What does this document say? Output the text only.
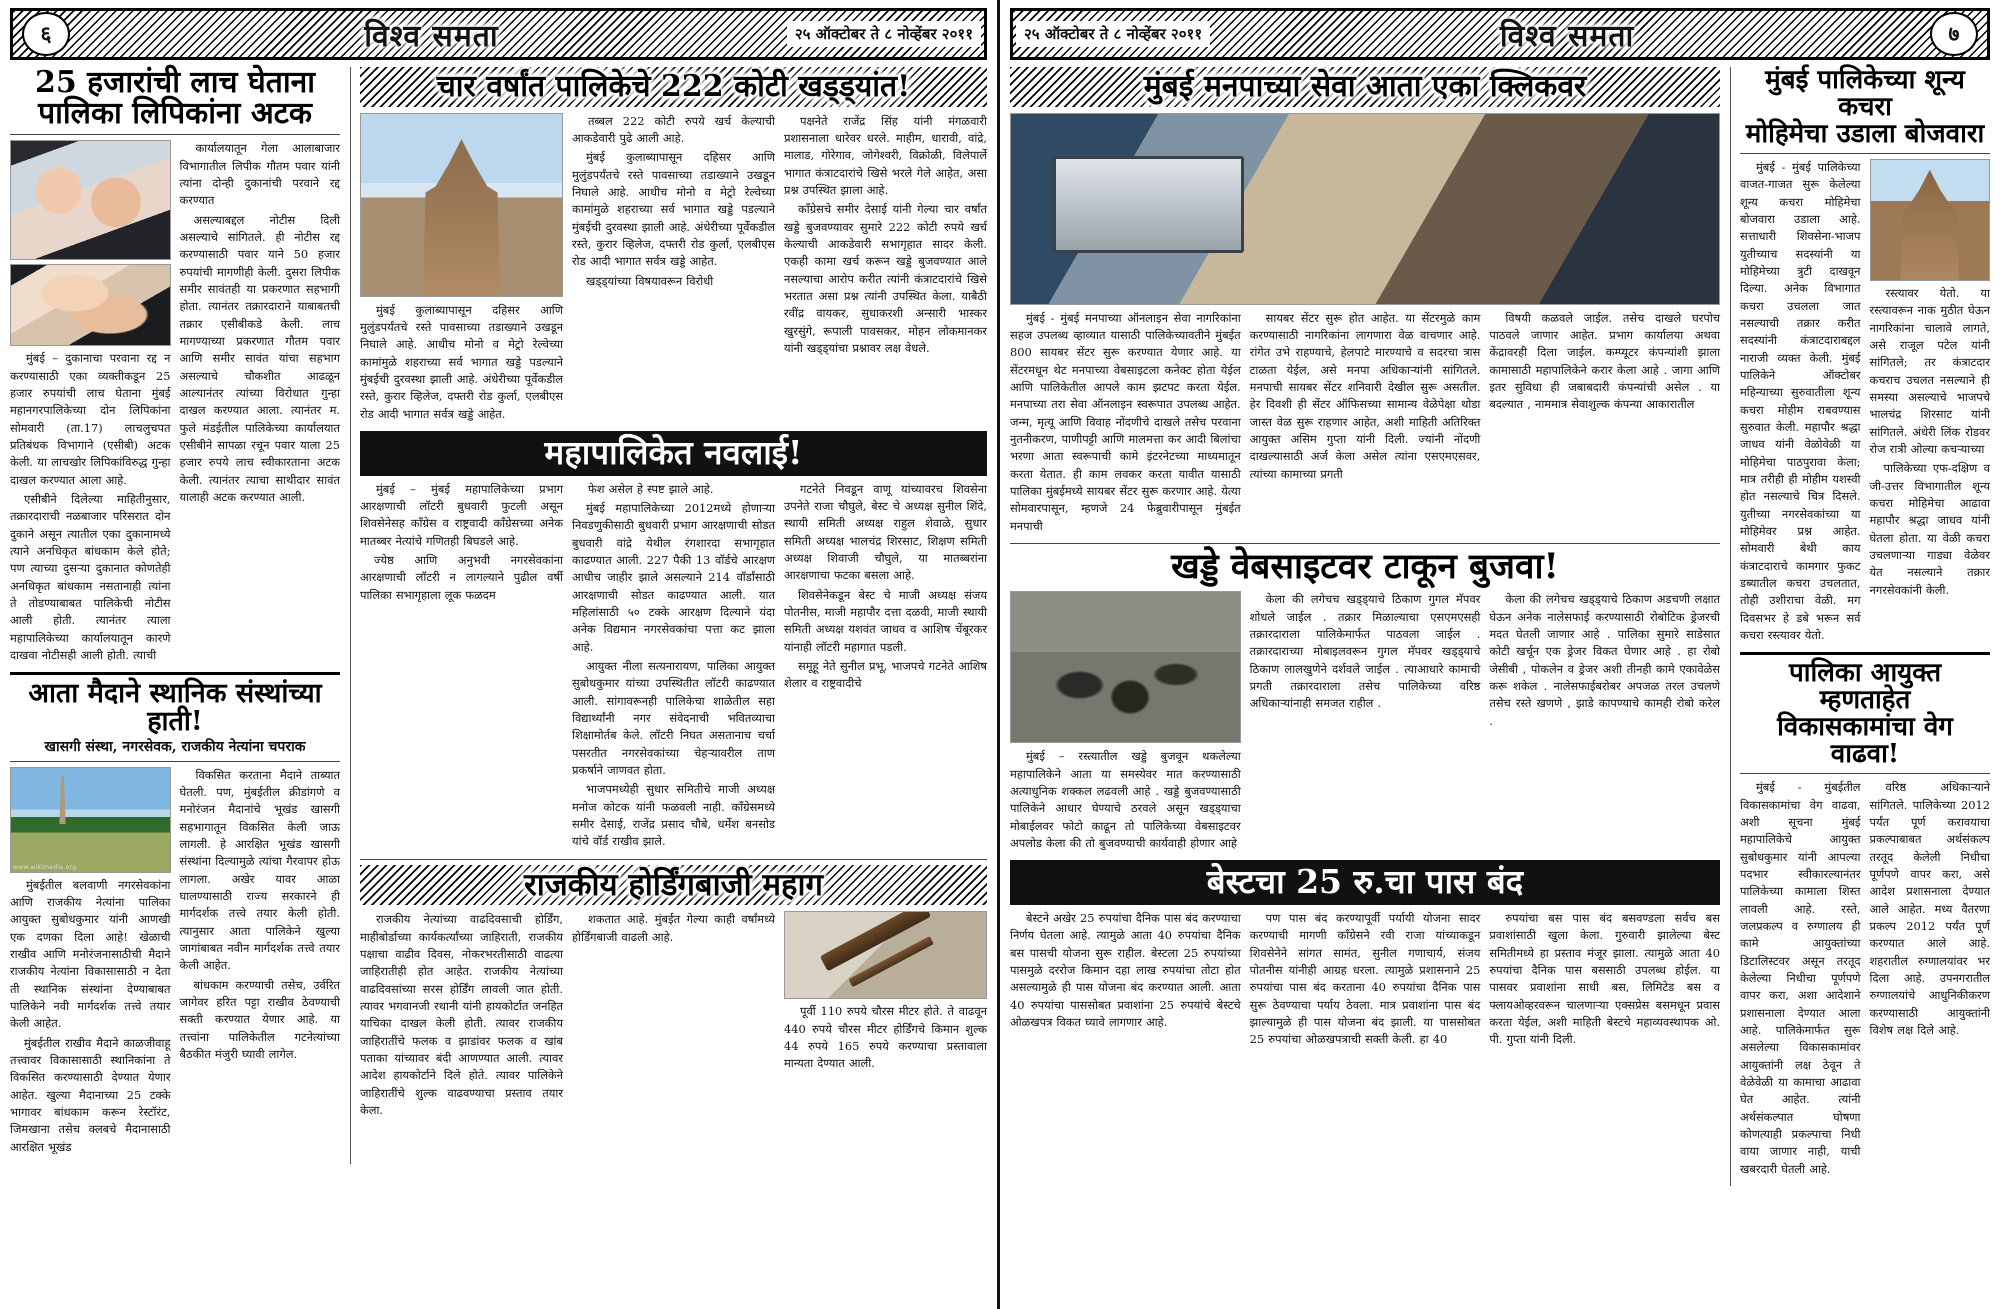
६	विश्व समता	२५ ऑक्टोबर ते ८ नोव्हेंबर २०११
25 हजारांची लाच घेताना
पालिका लिपिकांना अटक

मुंबई – दुकानाचा परवाना रद्द न करण्यासाठी एका व्यक्तीकडून 25 हजार रुपयांची लाच घेताना मुंबई महानगरपालिकेच्या दोन लिपिकांना सोमवारी (ता.17) लाचलुचपत प्रतिबंधक विभागाने (एसीबी) अटक केली. या लाचखोर लिपिकांविरुद्ध गुन्हा दाखल करण्यात आला आहे.

एसीबीने दिलेल्या माहितीनुसार, तक्रारदाराची नळबाजार परिसरात दोन दुकाने असून त्यातील एका दुकानामध्ये त्याने अनधिकृत बांधकाम केले होते; पण त्याच्या दुसऱ्या दुकानात कोणतेही अनधिकृत बांधकाम नसतानाही त्यांना ते तोडण्याबाबत पालिकेची नोटीस आली होती. त्यानंतर त्याला महापालिकेच्या कार्यालयातून कारणे दाखवा नोटीसही आली होती. त्याची

कार्यालयातून गेला आलाबाजार विभागातील लिपीक गौतम पवार यांनी त्यांना दोन्ही दुकानांची परवाने रद्द करण्यात

असल्याबद्दल नोटीस दिली असल्याचे सांगितले. ही नोटीस रद्द करण्यासाठी पवार याने 50 हजार रुपयांची मागणीही केली. दुसरा लिपीक समीर सावंतही या प्रकरणात सहभागी होता. त्यानंतर तक्रारदाराने याबाबतची तक्रार एसीबीकडे केली. लाच मागण्याच्या प्रकरणात गौतम पवार आणि समीर सावंत यांचा सहभाग असल्याचे चौकशीत आढळून आल्यानंतर त्यांच्या विरोधात गुन्हा दाखल करण्यात आला. त्यानंतर म. फुले मंडईतील पालिकेच्या कार्यालयात एसीबीने सापळा रचून पवार याला 25 हजार रुपये लाच स्वीकारताना अटक केली. त्यानंतर त्याचा साथीदार सावंत यालाही अटक करण्यात आली.

आता मैदाने स्थानिक संस्थांच्या हाती!
खासगी संस्था, नगरसेवक, राजकीय नेत्यांना चपराक
www.wikimedia.org

मुंबईतील बलवाणी नगरसेवकांना आणि राजकीय नेत्यांना पालिका आयुक्त सुबोधकुमार यांनी आणखी एक दणका दिला आहे! खेळाची राखीव आणि मनोरंजनासाठीची मैदाने राजकीय नेत्यांना विकासासाठी न देता ती स्थानिक संस्थांना देण्याबाबत पालिकेने नवी मार्गदर्शक तत्त्वे तयार केली आहेत.

मुंबईतील राखीव मैदाने काळजीवाहू तत्त्वावर विकासासाठी स्थानिकांना ते विकसित करण्यासाठी देण्यात येणार आहेत. खुल्या मैदानाच्या 25 टक्के भागावर बांधकाम करून रेस्टॉरंट, जिमखाना तसेच क्लबचे मैदानासाठी आरक्षित भूखंड

विकसित करताना मैदाने ताब्यात घेतली. पण, मुंबईतील क्रीडांगणे व मनोरंजन मैदानांचे भूखंड खासगी सहभागातून विकसित केली जाऊ लागली. हे आरक्षित भूखंड खासगी संस्थांना दिल्यामुळे त्यांचा गैरवापर होऊ लागला. अखेर यावर आळा घालण्यासाठी राज्य सरकारने ही मार्गदर्शक तत्त्वे तयार केली होती. त्यानुसार आता पालिकेने खुल्या जागांबाबत नवीन मार्गदर्शक तत्त्वे तयार केली आहेत.

बांधकाम करण्याची तसेच, उर्वरित जागेवर हरित पट्टा राखीव ठेवण्याची सक्ती करण्यात येणार आहे. या तत्त्वांना पालिकेतील गटनेत्यांच्या बैठकीत मंजुरी घ्यावी लागेल.

चार वर्षांत पालिकेचे 222 कोटी खड्ड्यांत!

मुंबई कुलाब्यापासून दहिसर आणि मुलुंडपर्यंतचे रस्ते पावसाच्या तडाख्याने उखडून निघाले आहे. आधीच मोनो व मेट्रो रेल्वेच्या कामांमुळे शहराच्या सर्व भागात खड्डे पडल्याने मुंबईची दुरवस्था झाली आहे. अंधेरीच्या पूर्वेकडील रस्ते, कुरार व्हिलेज, दफ्तरी रोड कुर्ला, एलबीएस रोड आदी भागात सर्वत्र खड्डे आहेत.

तब्बल 222 कोटी रुपये खर्च केल्याची आकडेवारी पुढे आली आहे.

मुंबई कुलाब्यापासून दहिसर आणि मुलुंडपर्यंतचे रस्ते पावसाच्या तडाख्याने उखडून निघाले आहे. आधीच मोनो व मेट्रो रेल्वेच्या कामांमुळे शहराच्या सर्व भागात खड्डे पडल्याने मुंबईची दुरवस्था झाली आहे. अंधेरीच्या पूर्वेकडील रस्ते, कुरार व्हिलेज, दफ्तरी रोड कुर्ला, एलबीएस रोड आदी भागात सर्वत्र खड्डे आहेत.

खड्ड्यांच्या विषयावरून विरोधी

पक्षनेते राजेंद्र सिंह यांनी मंगळवारी प्रशासनाला धारेवर धरले. माहीम, धारावी, वांद्रे, मालाड, गोरेगाव, जोगेश्वरी, विक्रोळी, विलेपार्ले भागात कंत्राटदारांचे खिसे भरले गेले आहेत, असा प्रश्न उपस्थित झाला आहे.

काँग्रेसचे समीर देसाई यांनी गेल्या चार वर्षांत खड्डे बुजवण्यावर सुमारे 222 कोटी रुपये खर्च केल्याची आकडेवारी सभागृहात सादर केली. एकही कामा खर्च करून खड्डे बुजवण्यात आले नसल्याचा आरोप करीत त्यांनी कंत्राटदारांचे खिसे भरतात असा प्रश्न त्यांनी उपस्थित केला. याबैठी रवींद्र वायकर, सुधाकरशी अन्सारी भास्कर खुरसुंगे, रूपाली पावसकर, मोहन लोकमानकर यांनी खड्ड्यांचा प्रश्नावर लक्ष वेधले.

महापालिकेत नवलाई!

मुंबई – मुंबई महापालिकेच्या प्रभाग आरक्षणाची लॉटरी बुधवारी फुटली असून शिवसेनेसह काँग्रेस व राष्ट्रवादी काँग्रेसच्या अनेक मातब्बर नेत्यांचे गणितही बिघडले आहे.

ज्येष्ठ आणि अनुभवी नगरसेवकांना आरक्षणाची लॉटरी न लागल्याने पुढील वर्षी पालिका सभागृहाला लूक फळदम

फेश असेल हे स्पष्ट झाले आहे.

मुंबई महापालिकेच्या 2012मध्ये होणाऱ्या निवडणुकीसाठी बुधवारी प्रभाग आरक्षणाची सोडत बुधवारी वांद्रे येथील रंगशारदा सभागृहात काढण्यात आली. 227 पैकी 13 वॉर्डचे आरक्षण आधीच जाहीर झाले असल्याने 214 वॉर्डांसाठी आरक्षणाची सोडत काढण्यात आली. यात महिलांसाठी ५० टक्के आरक्षण दिल्याने यंदा अनेक विद्यमान नगरसेवकांचा पत्ता कट झाला आहे.

आयुक्त नीला सत्यनारायण, पालिका आयुक्त सुबोधकुमार यांच्या उपस्थितीत लॉटरी काढण्यात आली. सांगावरूनही पालिकेचा शाळेतील सहा विद्यार्थ्यांनी नगर संवेदनाची भवितव्याचा शिक्षामोर्तब केले. लॉटरी निघत असतानाच चर्चा पसरतीत नगरसेवकांच्या चेहऱ्यावरील ताण प्रकर्षाने जाणवत होता.

भाजपमध्येही सुधार समितीचे माजी अध्यक्ष मनोज कोटक यांनी फळवली नाही. काँग्रेसमध्ये समीर देसाई, राजेंद्र प्रसाद चौबे, धर्मेश बनसोड यांचे वॉर्ड राखीव झाले.

गटनेते निवडून वाणू यांच्यावरच शिवसेना उपनेते राजा चौघुले, बेस्ट चे अध्यक्ष सुनील शिंदे, स्थायी समिती अध्यक्ष राहुल शेवाळे, सुधार समिती अध्यक्ष भालचंद्र शिरसाट, शिक्षण समिती अध्यक्ष शिवाजी चौघुले, या मातब्बरांना आरक्षणाचा फटका बसला आहे.

शिवसेनेकडून बेस्ट चे माजी अध्यक्ष संजय पोतनीस, माजी महापौर दत्ता दळवी, माजी स्थायी समिती अध्यक्ष यशवंत जाधव व आशिष चेंबूरकर यांनाही लॉटरी महागात पडली.

समूहू नेते सुनील प्रभू, भाजपचे गटनेते आशिष शेलार व राष्ट्रवादीचे

राजकीय होर्डिंगबाजी महाग

राजकीय नेत्यांच्या वाढदिवसाची होर्डिंग, माहीबोर्डाच्या कार्यकर्त्यांच्या जाहिराती, राजकीय पक्षाचा वाढीव दिवस, नोकरभरतीसाठी वाढत्या जाहिरातीही होत आहेत. राजकीय नेत्यांच्या वाढदिवसांच्या सरस होर्डिंग लावली जात होती. त्यावर भगवानजी रथानी यांनी हायकोर्टात जनहित याचिका दाखल केली होती. त्यावर राजकीय जाहिरातींचे फलक व झाडांवर फलक व खांब पताका यांच्यावर बंदी आणण्यात आली. त्यावर आदेश हायकोर्टाने दिले होते. त्यावर पालिकेने जाहिरातींचे शुल्क वाढवण्याचा प्रस्ताव तयार केला.

शकतात आहे. मुंबईत गेल्या काही वर्षांमध्ये होर्डिंगबाजी वाढली आहे.

पूर्वी 110 रुपये चौरस मीटर होते. ते वाढवून 440 रुपये चौरस मीटर होर्डिंगचे किमान शुल्क 44 रुपये 165 रुपये करण्याचा प्रस्तावाला मान्यता देण्यात आली.

७
विश्व समता
२५ ऑक्टोबर ते ८ नोव्हेंबर २०११
मुंबई मनपाच्या सेवा आता एका क्लिकवर

मुंबई - मुंबई मनपाच्या ऑनलाइन सेवा नागरिकांना सहज उपलब्ध व्हाव्यात यासाठी पालिकेच्यावतीने मुंबईत 800 सायबर सेंटर सुरू करण्यात येणार आहे. या सेंटरमधून थेट मनपाच्या वेबसाइटला कनेक्ट होता येईल आणि पालिकेतील आपले काम झटपट करता येईल. मनपाच्या तरा सेवा ऑनलाइन स्वरूपात उपलब्ध आहेत. जन्म, मृत्यू आणि विवाह नोंदणीचे दाखले तसेच परवाना नुतनीकरण, पाणीपट्टी आणि मालमत्ता कर आदी बिलांचा भरणा आता स्वरूपाची कामे इंटरनेटच्या माध्यमातून करता येतात. ही काम लवकर करता यावीत यासाठी पालिका मुंबईमध्ये सायबर सेंटर सुरू करणार आहे. येत्या सोमवारपासून, म्हणजे 24 फेब्रुवारीपासून मुंबईत मनपाची

सायबर सेंटर सुरू होत आहेत. या सेंटरमुळे काम करण्यासाठी नागरिकांना लागणारा वेळ वाचणार आहे. रांगेत उभे राहण्याचे, हेलपाटे मारण्याचे व सदरचा त्रास टाळता येईल, असे मनपा अधिकाऱ्यांनी सांगितले. मनपाची सायबर सेंटर शनिवारी देखील सुरू असतील. हेर दिवशी ही सेंटर ऑफिसच्या सामान्य वेळेपेक्षा थोडा जास्त वेळ सुरू राहणार आहेत, अशी माहिती अतिरिक्त आयुक्त असिम गुप्ता यांनी दिली. ज्यांनी नोंदणी दाखल्यासाठी अर्ज केला असेल त्यांना एसएमएसवर, त्यांच्या कामाच्या प्रगती

विषयी कळवले जाईल. तसेच दाखले घरपोच पाठवले जाणार आहेत. प्रभाग कार्यालया अथवा केंद्रावरही दिला जाईल. कम्प्यूटर कंपन्यांशी झाला कामासाठी महापालिकेने करार केला आहे . जागा आणि इतर सुविधा ही जबाबदारी कंपन्यांची असेल . या बदल्यात , नाममात्र सेवाशुल्क कंपन्या आकारातील

खड्डे वेबसाइटवर टाकून बुजवा!

मुंबई – रस्त्यातील खड्डे बुजवून थकलेल्या महापालिकेने आता या समस्येवर मात करण्यासाठी अत्याधुनिक शक्कल लढवली आहे . खड्डे बुजवण्यासाठी पालिकेने आधार घेण्याचे ठरवले असून खड्ड्याचा मोबाईलवर फोटो काढून तो पालिकेच्या वेबसाइटवर अपलोड केला की तो बुजवण्याची कार्यवाही होणार आहे

केला की लगेचच खड्ड्याचे ठिकाण गुगल मॅपवर शोधले जाईल . तक्रार मिळाल्याचा एसएमएसही तक्रारदाराला पालिकेमार्फत पाठवला जाईल . तक्रारदाराच्या मोबाइलवरून गुगल मॅपवर खड्ड्याचे ठिकाण लालखुणेने दर्शवले जाईल . त्याआधारे कामाची प्रगती तक्रारदाराला तसेच पालिकेच्या वरिष्ठ अधिकाऱ्यांनाही समजत राहील .

केला की लगेचच खड्ड्याचे ठिकाण अडचणी लक्षात घेऊन अनेक नालेसफाई करण्यासाठी रोबोटिक ड्रेजरची मदत घेतली जाणार आहे . पालिका सुमारे साडेसात कोटी खर्चून एक ड्रेजर विकत घेणार आहे . हा रोबो जेसीबी , पोकलेन व ड्रेजर अशी तीनही कामे एकावेळेस करू शकेल . नालेसफाईबरोबर अपजळ तरल उचलणे तसेच रस्ते खणणे , झाडे कापण्याचे कामही रोबो करेल .

बेस्टचा 25 रु.चा पास बंद

बेस्टने अखेर 25 रुपयांचा दैनिक पास बंद करण्याचा निर्णय घेतला आहे. त्यामुळे आता 40 रुपयांचा दैनिक बस पासची योजना सुरू राहील. बेस्टला 25 रुपयांच्या पासमुळे दररोज किमान दहा लाख रुपयांचा तोटा होत असल्यामुळे ही पास योजना बंद करण्यात आली. आता 40 रुपयांचा पाससोबत प्रवाशांना 25 रुपयांचे बेस्टचे ओळखपत्र विकत घ्यावे लागणार आहे.

पण पास बंद करण्यापूर्वी पर्यायी योजना सादर करण्याची मागणी काँग्रेसने रवी राजा यांच्याकडून शिवसेनेने सांगत सामंत, सुनील गणाचार्य, संजय पोतनीस यांनीही आग्रह धरला. त्यामुळे प्रशासनाने 25 रुपयांचा पास बंद करताना 40 रुपयांचा दैनिक पास सुरू ठेवण्याचा पर्याय ठेवला. मात्र प्रवाशांना पास बंद झाल्यामुळे ही पास योजना बंद झाली. या पाससोबत 25 रुपयांचा ओळखपत्राची सक्ती केली. हा 40

रुपयांचा बस पास बंद बसवण्डला सर्वच बस प्रवाशांसाठी खुला केला. गुरुवारी झालेल्या बेस्ट समितीमध्ये हा प्रस्ताव मंजूर झाला. त्यामुळे आता 40 रुपयांचा दैनिक पास बससाठी उपलब्ध होईल. या पासवर प्रवाशांना साधी बस, लिमिटेड बस व फ्लायओव्हरवरून चालणाऱ्या एक्सप्रेस बसमधून प्रवास करता येईल, अशी माहिती बेस्टचे महाव्यवस्थापक ओ. पी. गुप्ता यांनी दिली.

मुंबई पालिकेच्या शून्य कचरा
मोहिमेचा उडाला बोजवारा

मुंबई - मुंबई पालिकेच्या वाजत-गाजत सुरू केलेल्या शून्य कचरा मोहिमेचा बोजवारा उडाला आहे. सत्ताधारी शिवसेना-भाजप युतीच्याच सदस्यांनी या मोहिमेच्या त्रुटी दाखवून दिल्या. अनेक विभागात कचरा उचलला जात नसल्याची तक्रार करीत सदस्यांनी कंत्राटदाराबद्दल नाराजी व्यक्त केली. मुंबई पालिकेने ऑक्टोबर महिन्याच्या सुरुवातीला शून्य कचरा मोहीम राबवण्यास सुरुवात केली. महापौर श्रद्धा जाधव यांनी वेळोवेळी या मोहिमेचा पाठपुरावा केला; मात्र तरीही ही मोहीम यशस्वी होत नसल्याचे चित्र दिसले. युतीच्या नगरसेवकांच्या या मोहिमेवर प्रश्न आहेत. सोमवारी बेथी काय कंत्राटदाराचे कामगार फुकट डब्यातील कचरा उचलतात, तोही उशीराचा वेळी. मग दिवसभर हे डबे भरून सर्व कचरा रस्त्यावर येतो.

रस्त्यावर येतो. या रस्त्यावरून नाक मुठीत घेऊन नागरिकांना चालावे लागते, असे राजूल पटेल यांनी सांगितले; तर कंत्राटदार कचराच उचलत नसल्याने ही समस्या असल्याचे भाजपचे भालचंद्र शिरसाट यांनी सांगितले. अंधेरी लिंक रोडवर रोज रात्री ओल्या कचऱ्याच्या

पालिकेच्या एफ-दक्षिण व जी-उत्तर विभागातील शून्य कचरा मोहिमेचा आढावा महापौर श्रद्धा जाधव यांनी घेतला होता. या वेळी कचरा उचलणाऱ्या गाड्या वेळेवर येत नसल्याने तक्रार नगरसेवकांनी केली.

पालिका आयुक्त म्हणताहेत
विकासकामांचा वेग वाढवा!

मुंबई - मुंबईतील विकासकामांचा वेग वाढवा, अशी सूचना मुंबई महापालिकेचे आयुक्त सुबोधकुमार यांनी आपल्या पदभार स्वीकारल्यानंतर पालिकेच्या कामाला शिस्त लावली आहे. रस्ते, जलप्रकल्प व रुग्णालय ही कामे आयुक्तांच्या डिटालिस्टवर असून तरतूद केलेल्या निधीचा पूर्णपणे वापर करा, अशा आदेशाने प्रशासनाला देण्यात आला आहे. पालिकेमार्फत सुरू असलेल्या विकासकामांवर आयुक्तांनी लक्ष ठेवून ते वेळेवेळी या कामाचा आढावा घेत आहेत. त्यांनी अर्थसंकल्पात घोषणा कोणत्याही प्रकल्पाचा निधी वाया जाणार नाही, याची खबरदारी घेतली आहे.

वरिष्ठ अधिकाऱ्याने सांगितले. पालिकेच्या 2012 पर्यंत पूर्ण करावयाचा प्रकल्पाबाबत अर्थसंकल्प तरतूद केलेली निधीचा पूर्णपणे वापर करा, असे आदेश प्रशासनाला देण्यात आले आहेत. मध्य वैतरणा प्रकल्प 2012 पर्यंत पूर्ण करण्यात आले आहे. शहरातील रुग्णालयांवर भर दिला आहे. उपनगरातील रुग्णालयांचे आधुनिकीकरण करण्यासाठी आयुक्तांनी विशेष लक्ष दिले आहे.
